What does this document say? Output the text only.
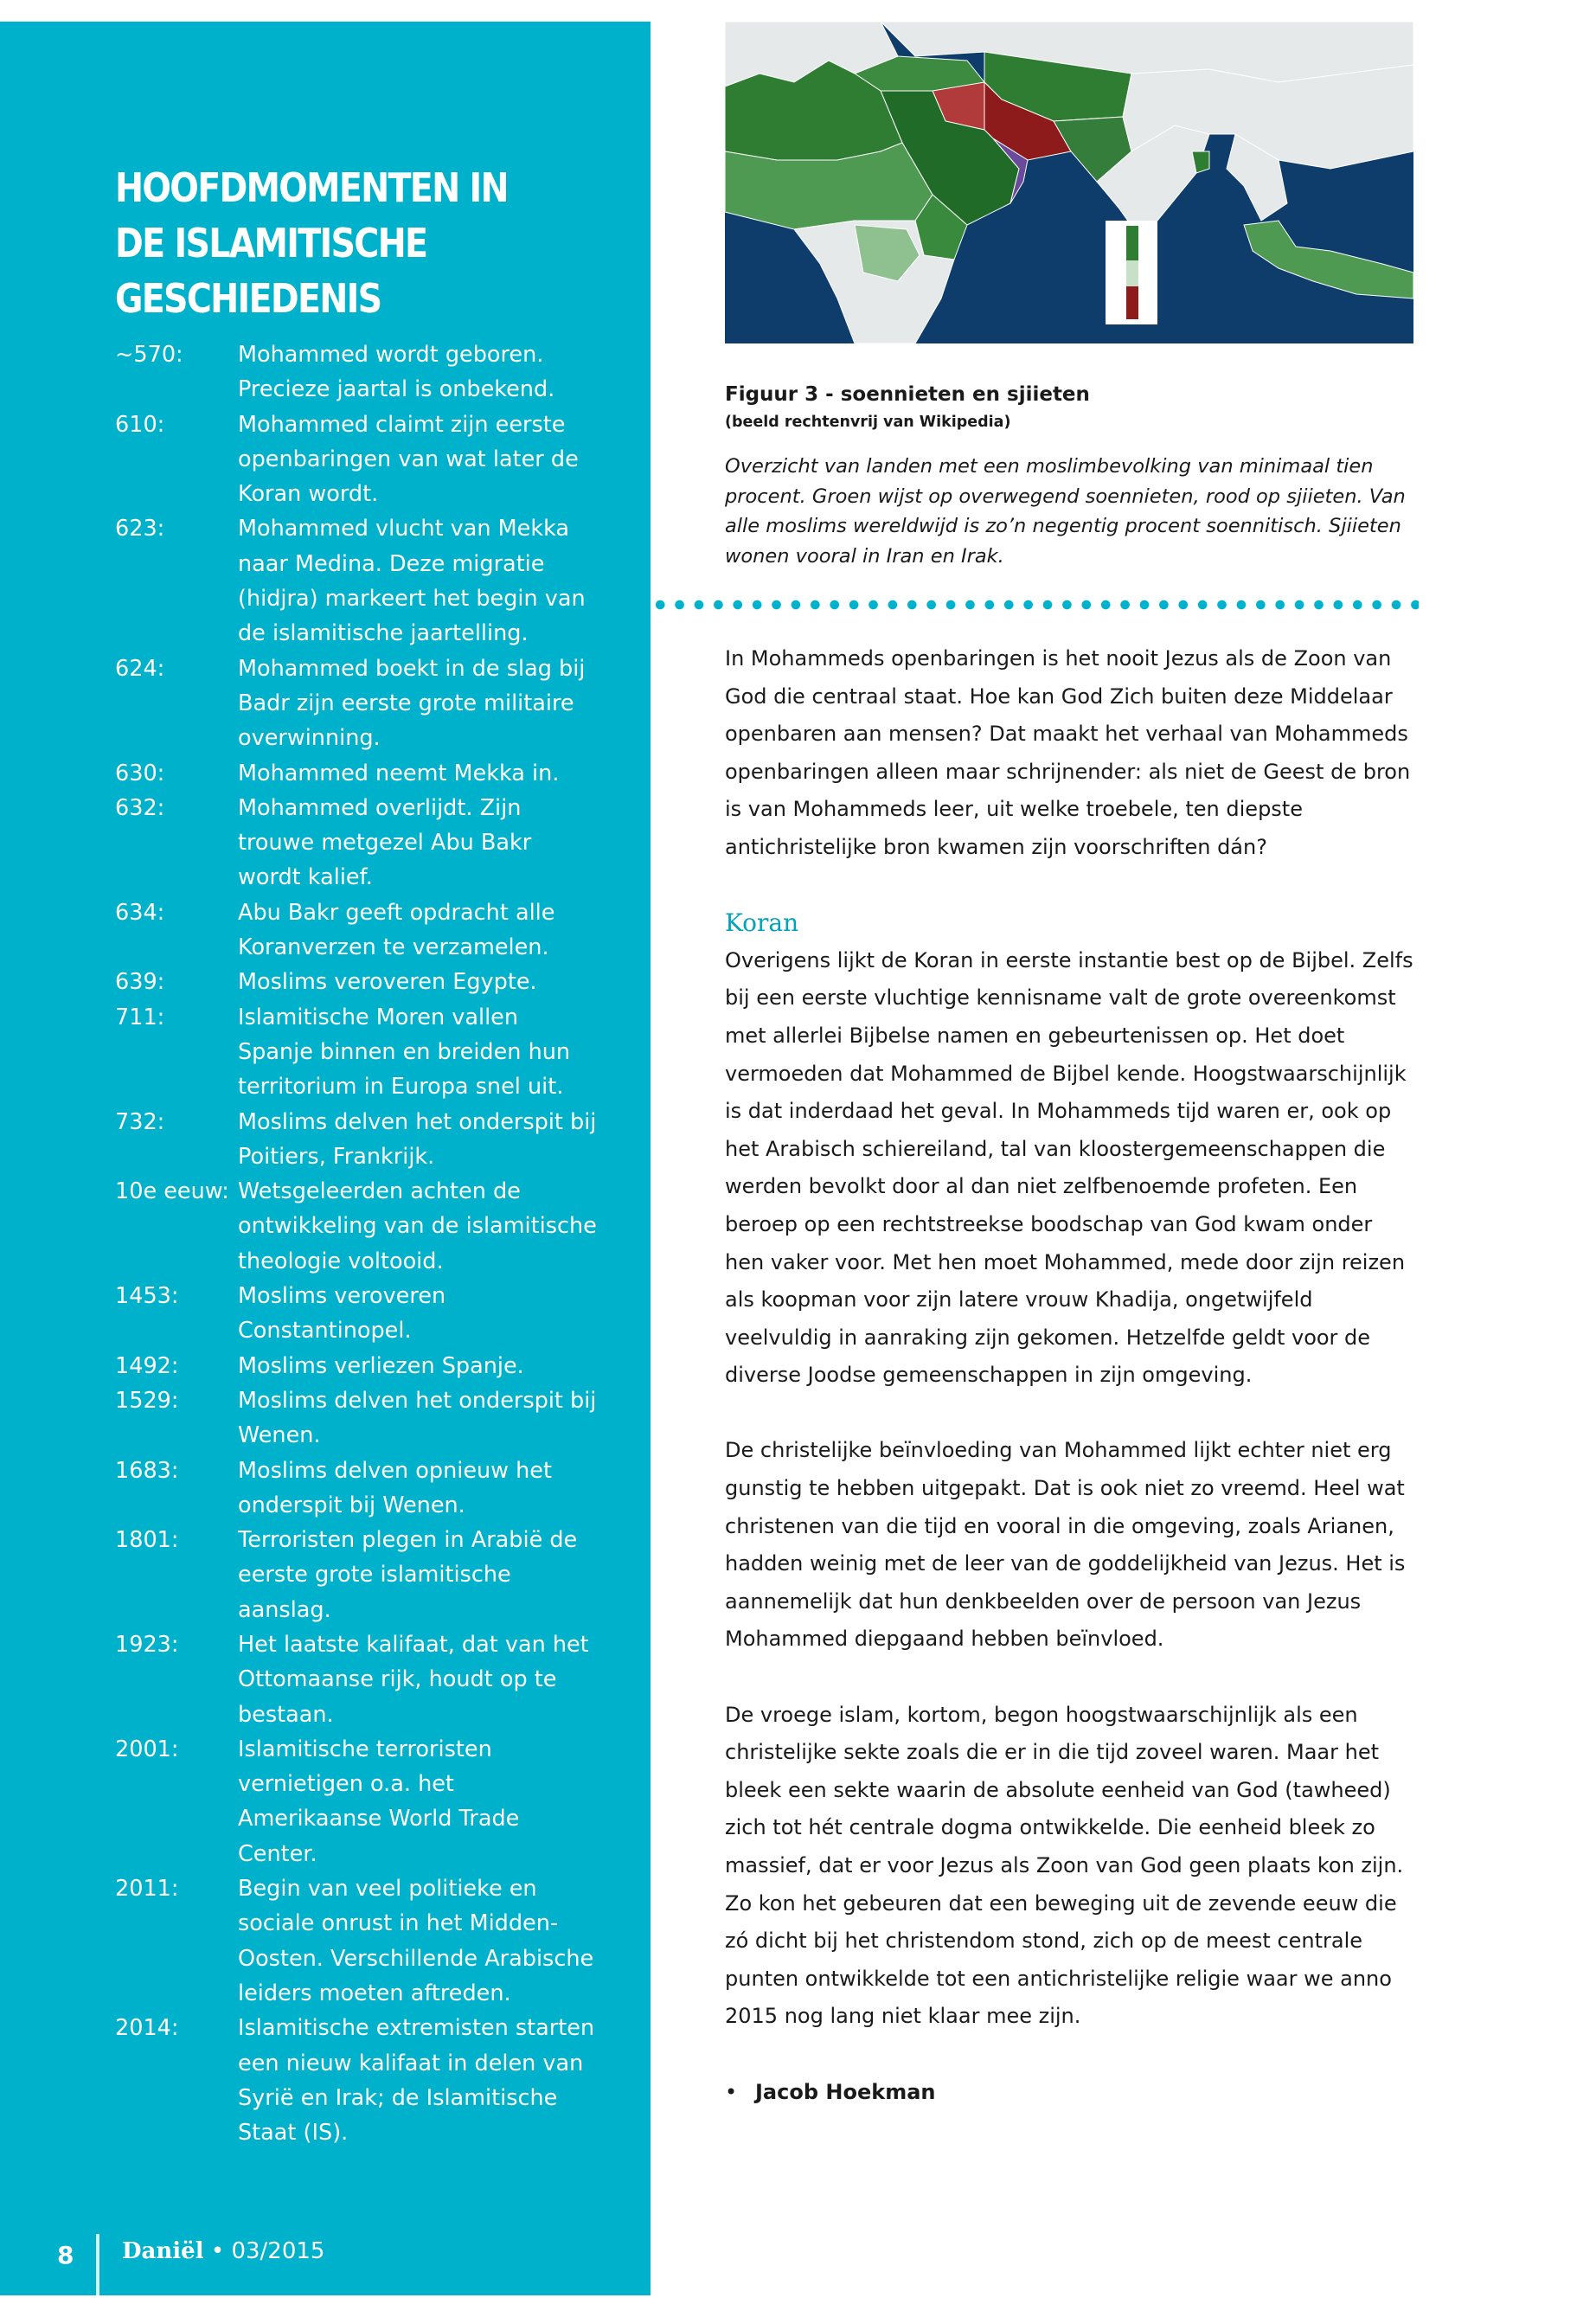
HOOFDMOMENTEN IN DE ISLAMITISCHE GESCHIEDENIS
~570:	Mohammed wordt geboren. Precieze jaartal is onbekend.
610:	Mohammed claimt zijn eerste openbaringen van wat later de Koran wordt.
623:	Mohammed vlucht van Mekka naar Medina. Deze migratie (hidjra) markeert het begin van de islamitische jaartelling.
624:	Mohammed boekt in de slag bij Badr zijn eerste grote militaire overwinning.
630:	Mohammed neemt Mekka in.
632:	Mohammed overlijdt. Zijn trouwe metgezel Abu Bakr wordt kalief.
634:	Abu Bakr geeft opdracht alle Koranverzen te verzamelen.
639:	Moslims veroveren Egypte.
711:	Islamitische Moren vallen Spanje binnen en breiden hun territorium in Europa snel uit.
732:	Moslims delven het onderspit bij Poitiers, Frankrijk.
10e eeuw: Wetsgeleerden achten de ontwikkeling van de islamitische theologie voltooid.
1453:	Moslims veroveren Constantinopel.
1492:	Moslims verliezen Spanje.
1529:	Moslims delven het onderspit bij Wenen.
1683:	Moslims delven opnieuw het onderspit bij Wenen.
1801:	Terroristen plegen in Arabië de eerste grote islamitische aanslag.
1923:	Het laatste kalifaat, dat van het Ottomaanse rijk, houdt op te bestaan.
2001:	Islamitische terroristen vernietigen o.a. het Amerikaanse World Trade Center.
2011:	Begin van veel politieke en sociale onrust in het Midden-Oosten. Verschillende Arabische leiders moeten aftreden.
2014:	Islamitische extremisten starten een nieuw kalifaat in delen van Syrië en Irak; de Islamitische Staat (IS).
8 Daniël • 03/2015
Figuur 3 - soennieten en sjiieten
(beeld rechtenvrij van Wikipedia)
Overzicht van landen met een moslimbevolking van minimaal tien procent. Groen wijst op overwegend soennieten, rood op sjiieten. Van alle moslims wereldwijd is zo’n negentig procent soennitisch. Sjiieten wonen vooral in Iran en Irak.

In Mohammeds openbaringen is het nooit Jezus als de Zoon van God die centraal staat. Hoe kan God Zich buiten deze Middelaar openbaren aan mensen? Dat maakt het verhaal van Mohammeds openbaringen alleen maar schrijnender: als niet de Geest de bron is van Mohammeds leer, uit welke troebele, ten diepste antichristelijke bron kwamen zijn voorschriften dán?

Koran

Overigens lijkt de Koran in eerste instantie best op de Bijbel. Zelfs bij een eerste vluchtige kennisname valt de grote overeenkomst met allerlei Bijbelse namen en gebeurtenissen op. Het doet vermoeden dat Mohammed de Bijbel kende. Hoogstwaarschijnlijk is dat inderdaad het geval. In Mohammeds tijd waren er, ook op het Arabisch schiereiland, tal van kloostergemeenschappen die werden bevolkt door al dan niet zelfbenoemde profeten. Een beroep op een rechtstreekse boodschap van God kwam onder hen vaker voor. Met hen moet Mohammed, mede door zijn reizen als koopman voor zijn latere vrouw Khadija, ongetwijfeld veelvuldig in aanraking zijn gekomen. Hetzelfde geldt voor de diverse Joodse gemeenschappen in zijn omgeving.

De christelijke beïnvloeding van Mohammed lijkt echter niet erg gunstig te hebben uitgepakt. Dat is ook niet zo vreemd. Heel wat christenen van die tijd en vooral in die omgeving, zoals Arianen, hadden weinig met de leer van de goddelijkheid van Jezus. Het is aannemelijk dat hun denkbeelden over de persoon van Jezus Mohammed diepgaand hebben beïnvloed.

De vroege islam, kortom, begon hoogstwaarschijnlijk als een christelijke sekte zoals die er in die tijd zoveel waren. Maar het bleek een sekte waarin de absolute eenheid van God (tawheed) zich tot hét centrale dogma ontwikkelde. Die eenheid bleek zo massief, dat er voor Jezus als Zoon van God geen plaats kon zijn. Zo kon het gebeuren dat een beweging uit de zevende eeuw die zó dicht bij het christendom stond, zich op de meest centrale punten ontwikkelde tot een antichristelijke religie waar we anno 2015 nog lang niet klaar mee zijn.

• Jacob Hoekman
